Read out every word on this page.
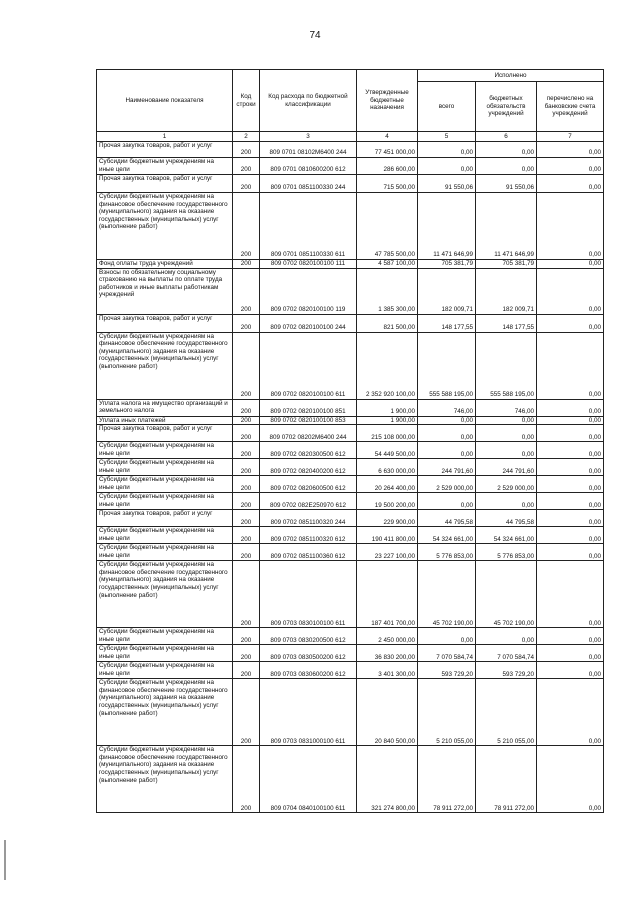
74
Наименование показателя	Код строки	Код расхода по бюджетной классификации	Утвержденные бюджетные назначения	Исполнено		
				всего	бюджетных обязательств учреждений	перечислено на банковские счета учреждений
1	2	3	4	5	6	7
Прочая закупка товаров, работ и услуг	200	809 0701 08102M6400 244	77 451 000,00	0,00	0,00	0,00
Субсидии бюджетным учреждениям на иные цели	200	809 0701 0810600200 612	286 600,00	0,00	0,00	0,00
Прочая закупка товаров, работ и услуг	200	809 0701 0851100330 244	715 500,00	91 550,06	91 550,06	0,00
Субсидии бюджетным учреждениям на финансовое обеспечение государственного (муниципального) задания на оказание государственных (муниципальных) услуг (выполнение работ)	200	809 0701 0851100330 611	47 785 500,00	11 471 646,99	11 471 646,99	0,00
Фонд оплаты труда учреждений	200	809 0702 0820100100 111	4 587 100,00	705 381,79	705 381,79	0,00
Взносы по обязательному социальному страхованию на выплаты по оплате труда работников и иные выплаты работникам учреждений	200	809 0702 0820100100 119	1 385 300,00	182 009,71	182 009,71	0,00
Прочая закупка товаров, работ и услуг	200	809 0702 0820100100 244	821 500,00	148 177,55	148 177,55	0,00
Субсидии бюджетным учреждениям на финансовое обеспечение государственного (муниципального) задания на оказание государственных (муниципальных) услуг (выполнение работ)	200	809 0702 0820100100 611	2 352 920 100,00	555 588 195,00	555 588 195,00	0,00
Уплата налога на имущество организаций и земельного налога	200	809 0702 0820100100 851	1 900,00	746,00	746,00	0,00
Уплата иных платежей	200	809 0702 0820100100 853	1 900,00	0,00	0,00	0,00
Прочая закупка товаров, работ и услуг	200	809 0702 08202M6400 244	215 108 000,00	0,00	0,00	0,00
Субсидии бюджетным учреждениям на иные цели	200	809 0702 0820300500 612	54 449 500,00	0,00	0,00	0,00
Субсидии бюджетным учреждениям на иные цели	200	809 0702 0820400200 612	6 630 000,00	244 791,60	244 791,60	0,00
Субсидии бюджетным учреждениям на иные цели	200	809 0702 0820600500 612	20 264 400,00	2 529 000,00	2 529 000,00	0,00
Субсидии бюджетным учреждениям на иные цели	200	809 0702 082E250970 612	19 500 200,00	0,00	0,00	0,00
Прочая закупка товаров, работ и услуг	200	809 0702 0851100320 244	229 900,00	44 795,58	44 795,58	0,00
Субсидии бюджетным учреждениям на иные цели	200	809 0702 0851100320 612	190 411 800,00	54 324 661,00	54 324 661,00	0,00
Субсидии бюджетным учреждениям на иные цели	200	809 0702 0851100360 612	23 227 100,00	5 776 853,00	5 776 853,00	0,00
Субсидии бюджетным учреждениям на финансовое обеспечение государственного (муниципального) задания на оказание государственных (муниципальных) услуг (выполнение работ)	200	809 0703 0830100100 611	187 401 700,00	45 702 190,00	45 702 190,00	0,00
Субсидии бюджетным учреждениям на иные цели	200	809 0703 0830200500 612	2 450 000,00	0,00	0,00	0,00
Субсидии бюджетным учреждениям на иные цели	200	809 0703 0830500200 612	36 830 200,00	7 070 584,74	7 070 584,74	0,00
Субсидии бюджетным учреждениям на иные цели	200	809 0703 0830600200 612	3 401 300,00	593 729,20	593 729,20	0,00
Субсидии бюджетным учреждениям на финансовое обеспечение государственного (муниципального) задания на оказание государственных (муниципальных) услуг (выполнение работ)	200	809 0703 0831000100 611	20 840 500,00	5 210 055,00	5 210 055,00	0,00
Субсидии бюджетным учреждениям на финансовое обеспечение государственного (муниципального) задания на оказание государственных (муниципальных) услуг (выполнение работ)	200	809 0704 0840100100 611	321 274 800,00	78 911 272,00	78 911 272,00	0,00
